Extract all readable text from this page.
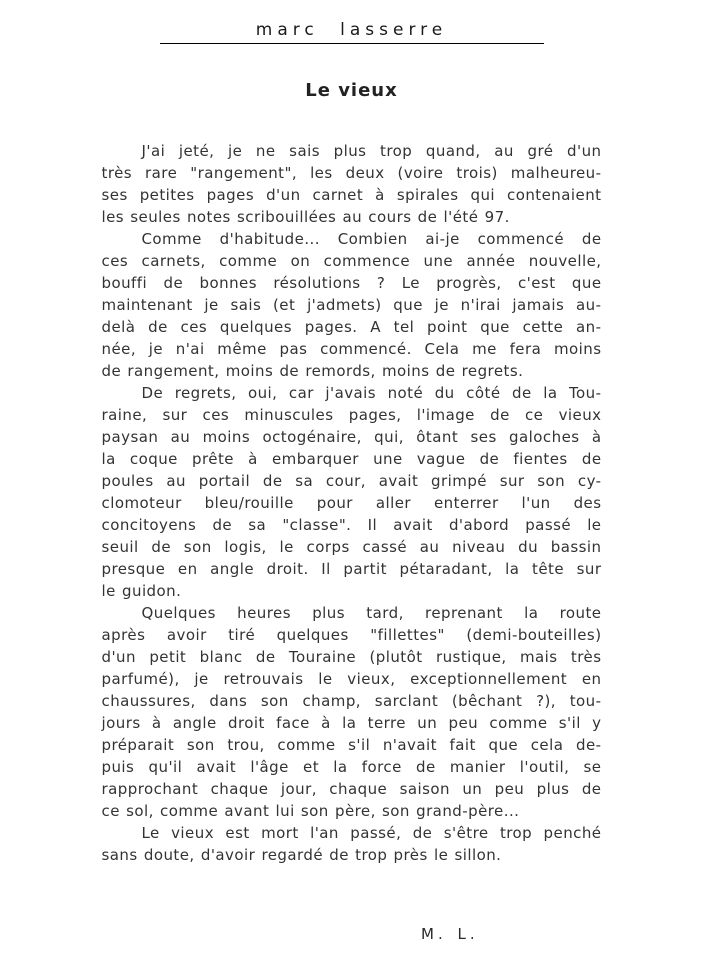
marc lasserre
Le vieux
J'ai jeté, je ne sais plus trop quand, au gré d'un
très rare "rangement", les deux (voire trois) malheureu-
ses petites pages d'un carnet à spirales qui contenaient
les seules notes scribouillées au cours de l'été 97.
Comme d'habitude... Combien ai-je commencé de
ces carnets, comme on commence une année nouvelle,
bouffi de bonnes résolutions ? Le progrès, c'est que
maintenant je sais (et j'admets) que je n'irai jamais au-
delà de ces quelques pages. A tel point que cette an-
née, je n'ai même pas commencé. Cela me fera moins
de rangement, moins de remords, moins de regrets.
De regrets, oui, car j'avais noté du côté de la Tou-
raine, sur ces minuscules pages, l'image de ce vieux
paysan au moins octogénaire, qui, ôtant ses galoches à
la coque prête à embarquer une vague de fientes de
poules au portail de sa cour, avait grimpé sur son cy-
clomoteur bleu/rouille pour aller enterrer l'un des
concitoyens de sa "classe". Il avait d'abord passé le
seuil de son logis, le corps cassé au niveau du bassin
presque en angle droit. Il partit pétaradant, la tête sur
le guidon.
Quelques heures plus tard, reprenant la route
après avoir tiré quelques "fillettes" (demi-bouteilles)
d'un petit blanc de Touraine (plutôt rustique, mais très
parfumé), je retrouvais le vieux, exceptionnellement en
chaussures, dans son champ, sarclant (bêchant ?), tou-
jours à angle droit face à la terre un peu comme s'il y
préparait son trou, comme s'il n'avait fait que cela de-
puis qu'il avait l'âge et la force de manier l'outil, se
rapprochant chaque jour, chaque saison un peu plus de
ce sol, comme avant lui son père, son grand-père...
Le vieux est mort l'an passé, de s'être trop penché
sans doute, d'avoir regardé de trop près le sillon.
M. L.
